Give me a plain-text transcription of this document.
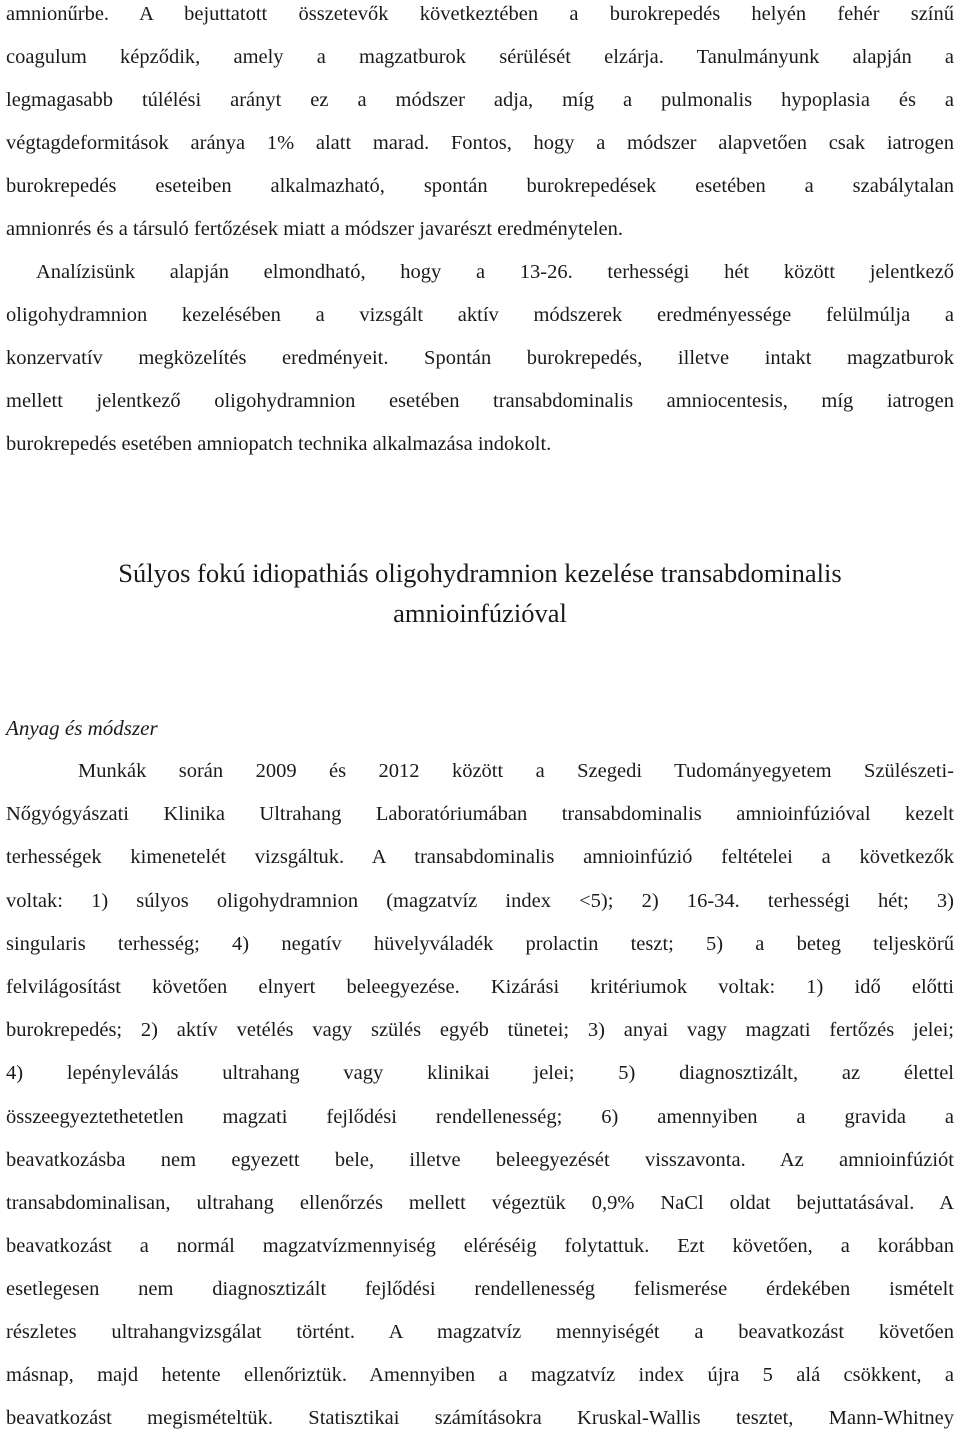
amnionűrbe. A bejuttatott összetevők következtében a burokrepedés helyén fehér színű
coagulum képződik, amely a magzatburok sérülését elzárja. Tanulmányunk alapján a
legmagasabb túlélési arányt ez a módszer adja, míg a pulmonalis hypoplasia és a
végtagdeformitások aránya 1% alatt marad. Fontos, hogy a módszer alapvetően csak iatrogen
burokrepedés eseteiben alkalmazható, spontán burokrepedések esetében a szabálytalan
amnionrés és a társuló fertőzések miatt a módszer javarészt eredménytelen.
Analízisünk alapján elmondható, hogy a 13-26. terhességi hét között jelentkező
oligohydramnion kezelésében a vizsgált aktív módszerek eredményessége felülmúlja a
konzervatív megközelítés eredményeit. Spontán burokrepedés, illetve intakt magzatburok
mellett jelentkező oligohydramnion esetében transabdominalis amniocentesis, míg iatrogen
burokrepedés esetében amniopatch technika alkalmazása indokolt.
Súlyos fokú idiopathiás oligohydramnion kezelése transabdominalis
amnioinfúzióval
Anyag és módszer
Munkák során 2009 és 2012 között a Szegedi Tudományegyetem Szülészeti-
Nőgyógyászati Klinika Ultrahang Laboratóriumában transabdominalis amnioinfúzióval kezelt
terhességek kimenetelét vizsgáltuk. A transabdominalis amnioinfúzió feltételei a következők
voltak: 1) súlyos oligohydramnion (magzatvíz index <5); 2) 16-34. terhességi hét; 3)
singularis terhesség; 4) negatív hüvelyváladék prolactin teszt; 5) a beteg teljeskörű
felvilágosítást követően elnyert beleegyezése. Kizárási kritériumok voltak: 1) idő előtti
burokrepedés; 2) aktív vetélés vagy szülés egyéb tünetei; 3) anyai vagy magzati fertőzés jelei;
4) lepényleválás ultrahang vagy klinikai jelei; 5) diagnosztizált, az élettel
összeegyeztethetetlen magzati fejlődési rendellenesség; 6) amennyiben a gravida a
beavatkozásba nem egyezett bele, illetve beleegyezését visszavonta. Az amnioinfúziót
transabdominalisan, ultrahang ellenőrzés mellett végeztük 0,9% NaCl oldat bejuttatásával. A
beavatkozást a normál magzatvízmennyiség eléréséig folytattuk. Ezt követően, a korábban
esetlegesen nem diagnosztizált fejlődési rendellenesség felismerése érdekében ismételt
részletes ultrahangvizsgálat történt. A magzatvíz mennyiségét a beavatkozást követően
másnap, majd hetente ellenőriztük. Amennyiben a magzatvíz index újra 5 alá csökkent, a
beavatkozást megismételtük. Statisztikai számításokra Kruskal-Wallis tesztet, Mann-Whitney
